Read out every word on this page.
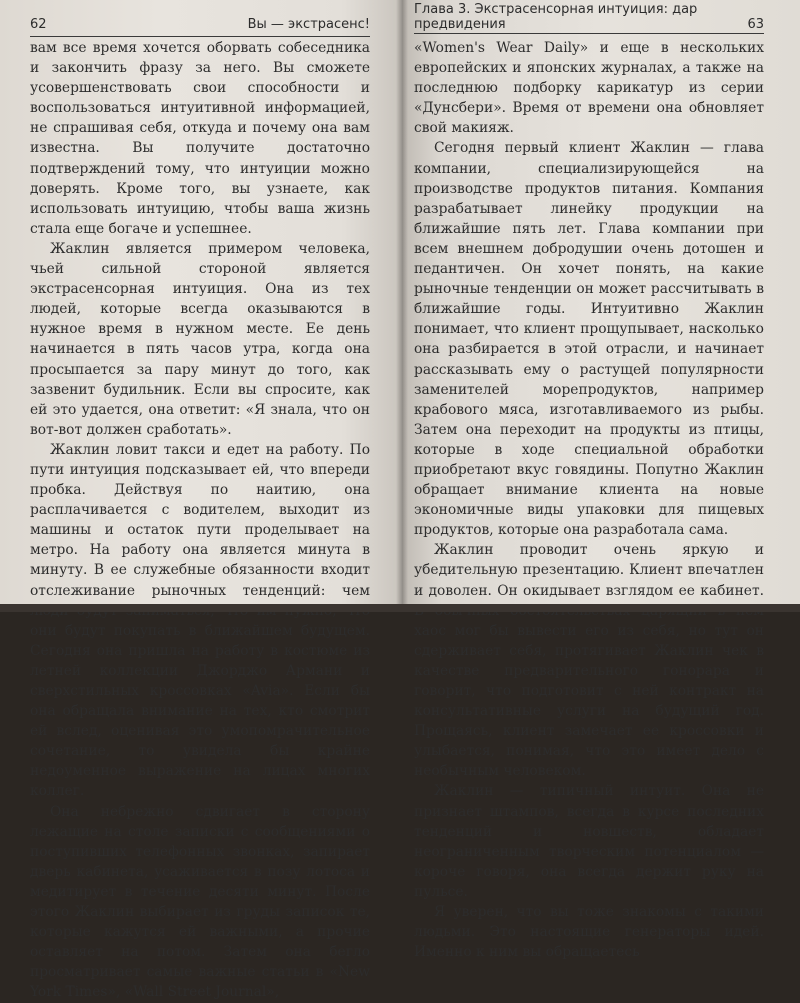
62	Вы — экстрасенс!

вам все время хочется оборвать собеседника и закончить фразу за него. Вы сможете усовершенствовать свои способности и воспользоваться интуитивной информацией, не спрашивая себя, откуда и почему она вам известна. Вы получите достаточно подтверждений тому, что интуиции можно доверять. Кроме того, вы узнаете, как использовать интуицию, чтобы ваша жизнь стала еще богаче и успешнее.

Жаклин является примером человека, чьей сильной стороной является экстрасенсорная интуиция. Она из тех людей, которые всегда оказываются в нужное время в нужном месте. Ее день начинается в пять часов утра, когда она просыпается за пару минут до того, как зазвенит будильник. Если вы спросите, как ей это удается, она ответит: «Я знала, что он вот-вот должен сработать».

Жаклин ловит такси и едет на работу. По пути интуиция подсказывает ей, что впереди пробка. Действуя по наитию, она расплачивается с водителем, выходит из машины и остаток пути проделывает на метро. На работу она является минута в минуту. В ее служебные обязанности входит отслеживание рыночных тенденций: чем они будут покупать в ближайшем будущем. Сегодня она пришла на работу в костюме из летней коллекции Джорджо Армани и сверхстильных кроссовках «Avia». Если бы она обращала внимание на тех, кто смотрит ей вслед, оценивая это умопомрачительное сочетание, то увидела бы крайне недоуменное выражение на лицах многих коллег.

Она небрежно сдвигает в сторону лежащие на столе записки с сообщениями о поступивших телефонных звонках, запирает дверь кабинета, усаживается в позу лотоса и медитирует в течение десяти минут. После этого Жаклин выбирает из груды записок те, которые кажутся ей важными, а прочие оставляет на потом. Затем она бегло просматривает самые важные статьи в «New York Times», «Wall Street Journal»,

Глава 3. Экстрасенсорная интуиция: дар предвидения	63

«Women's Wear Daily» и еще в нескольких европейских и японских журналах, а также на последнюю подборку карикатур из серии «Дунсбери». Время от времени она обновляет свой макияж.

Сегодня первый клиент Жаклин — глава компании, специализирующейся на производстве продуктов питания. Компания разрабатывает линейку продукции на ближайшие пять лет. Глава компании при всем внешнем добродушии очень дотошен и педантичен. Он хочет понять, на какие рыночные тенденции он может рассчитывать в ближайшие годы. Интуитивно Жаклин понимает, что клиент прощупывает, насколько она разбирается в этой отрасли, и начинает рассказывать ему о растущей популярности заменителей морепродуктов, например крабового мяса, изготавливаемого из рыбы. Затем она переходит на продукты из птицы, которые в ходе специальной обработки приобретают вкус говядины. Попутно Жаклин обращает внимание клиента на новые экономичные виды упаковки для пищевых продуктов, которые она разработала сама.

Жаклин проводит очень яркую и убедительную презентацию. Клиент впечатлен и доволен. Он окидывает взглядом ее кабинет. хаос мог бы вывести его из себя, но тут он сдерживает себя, протягивает Жаклин чек в качестве предварительного гонорара и говорит, что подготовит с ней контракт на консультативные услуги на будущий год. Прощаясь, клиент замечает ее кроссовки и улыбается, понимая, что это имеет дело с необычным человеком.

Жаклин — типичный интуит. Она не признает штампов, всегда в курсе последних тенденций и новшеств, обладает неограниченным творческим потенциалом — короче говоря, она всегда держит руку на пульсе.

Я уверен, что вы тоже знакомы с такими людьми. Это настоящие генераторы идей. Именно к ним вы обращаетесь
